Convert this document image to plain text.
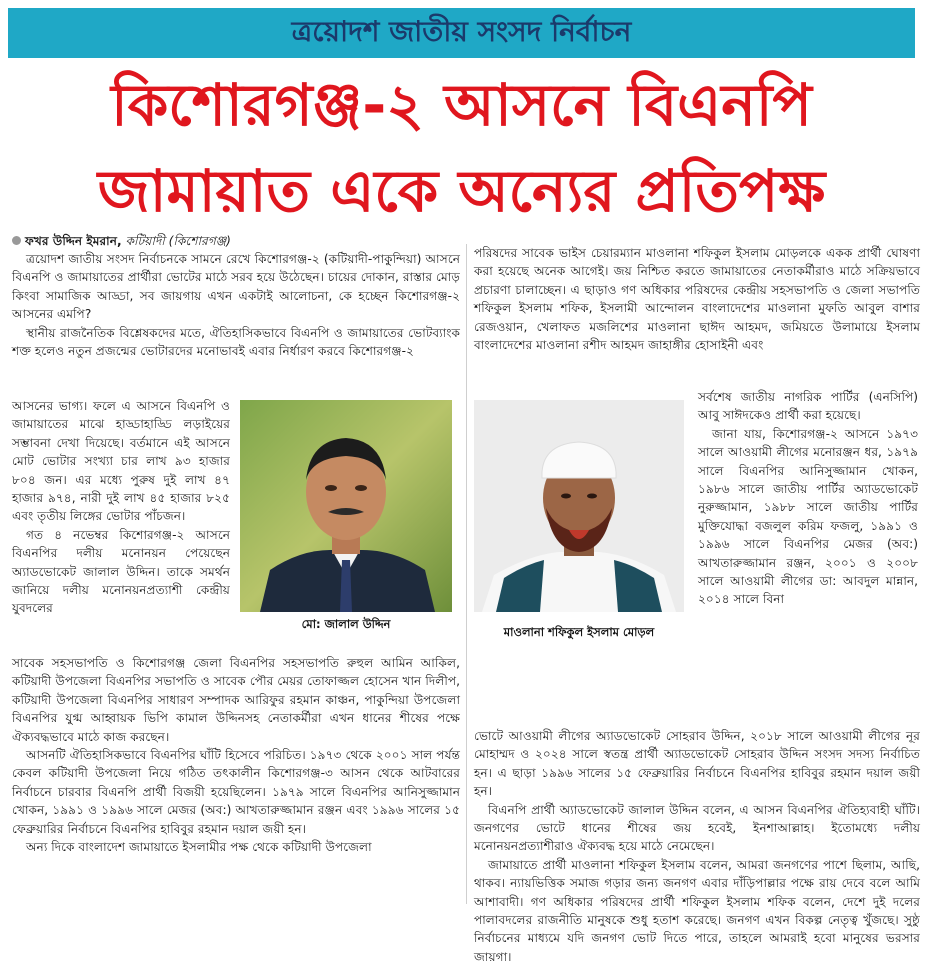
ত্রয়োদশ জাতীয় সংসদ নির্বাচন
কিশোরগঞ্জ-২ আসনে বিএনপি
জামায়াত একে অন্যের প্রতিপক্ষ
ফখর উদ্দিন ইমরান, কটিয়াদী (কিশোরগঞ্জ)

ত্রয়োদশ জাতীয় সংসদ নির্বাচনকে সামনে রেখে কিশোরগঞ্জ-২ (কটিয়াদী-পাকুন্দিয়া) আসনে বিএনপি ও জামায়াতের প্রার্থীরা ভোটের মাঠে সরব হয়ে উঠেছেন। চায়ের দোকান, রাস্তার মোড় কিংবা সামাজিক আড্ডা, সব জায়গায় এখন একটাই আলোচনা, কে হচ্ছেন কিশোরগঞ্জ-২ আসনের এমপি?

স্থানীয় রাজনৈতিক বিশ্লেষকদের মতে, ঐতিহাসিকভাবে বিএনপি ও জামায়াতের ভোটব্যাংক শক্ত হলেও নতুন প্রজন্মের ভোটারদের মনোভাবই এবার নির্ধারণ করবে কিশোরগঞ্জ-২

আসনের ভাগ্য। ফলে এ আসনে বিএনপি ও জামায়াতের মাঝে হাড্ডাহাড্ডি লড়াইয়ের সম্ভাবনা দেখা দিয়েছে। বর্তমানে এই আসনে মোট ভোটার সংখ্যা চার লাখ ৯৩ হাজার ৮০৪ জন। এর মধ্যে পুরুষ দুই লাখ ৪৭ হাজার ৯৭৪, নারী দুই লাখ ৪৫ হাজার ৮২৫ এবং তৃতীয় লিঙ্গের ভোটার পাঁচজন।

গত ৪ নভেম্বর কিশোরগঞ্জ-২ আসনে বিএনপির দলীয় মনোনয়ন পেয়েছেন অ্যাডভোকেট জালাল উদ্দিন। তাকে সমর্থন জানিয়ে দলীয় মনোনয়নপ্রত্যাশী কেন্দ্রীয় যুবদলের

মো: জালাল উদ্দিন

সাবেক সহসভাপতি ও কিশোরগঞ্জ জেলা বিএনপির সহসভাপতি রুহুল আমিন আকিল, কটিয়াদী উপজেলা বিএনপির সভাপতি ও সাবেক পৌর মেয়র তোফাজ্জল হোসেন খান দিলীপ, কটিয়াদী উপজেলা বিএনপির সাধারণ সম্পাদক আরিফুর রহমান কাঞ্চন, পাকুন্দিয়া উপজেলা বিএনপির যুগ্ম আহ্বায়ক ভিপি কামাল উদ্দিনসহ নেতাকর্মীরা এখন ধানের শীষের পক্ষে ঐক্যবদ্ধভাবে মাঠে কাজ করছেন।

আসনটি ঐতিহাসিকভাবে বিএনপির ঘাঁটি হিসেবে পরিচিত। ১৯৭৩ থেকে ২০০১ সাল পর্যন্ত কেবল কটিয়াদী উপজেলা নিয়ে গঠিত তৎকালীন কিশোরগঞ্জ-৩ আসন থেকে আটবারের নির্বাচনে চারবার বিএনপি প্রার্থী বিজয়ী হয়েছিলেন। ১৯৭৯ সালে বিএনপির আনিসুজ্জামান খোকন, ১৯৯১ ও ১৯৯৬ সালে মেজর (অব:) আখতারুজ্জামান রঞ্জন এবং ১৯৯৬ সালের ১৫ ফেব্রুয়ারির নির্বাচনে বিএনপির হাবিবুর রহমান দয়াল জয়ী হন।

অন্য দিকে বাংলাদেশ জামায়াতে ইসলামীর পক্ষ থেকে কটিয়াদী উপজেলা

পরিষদের সাবেক ভাইস চেয়ারম্যান মাওলানা শফিকুল ইসলাম মোড়লকে একক প্রার্থী ঘোষণা করা হয়েছে অনেক আগেই। জয় নিশ্চিত করতে জামায়াতের নেতাকর্মীরাও মাঠে সক্রিয়ভাবে প্রচারণা চালাচ্ছেন। এ ছাড়াও গণ অধিকার পরিষদের কেন্দ্রীয় সহসভাপতি ও জেলা সভাপতি শফিকুল ইসলাম শফিক, ইসলামী আন্দোলন বাংলাদেশের মাওলানা মুফতি আবুল বাশার রেজওয়ান, খেলাফত মজলিশের মাওলানা ছাঈদ আহমদ, জমিয়তে উলামায়ে ইসলাম বাংলাদেশের মাওলানা রশীদ আহমদ জাহাঙ্গীর হোসাইনী এবং

মাওলানা শফিকুল ইসলাম মোড়ল

সর্বশেষ জাতীয় নাগরিক পার্টির (এনসিপি) আবু সাঈদকেও প্রার্থী করা হয়েছে।

জানা যায়, কিশোরগঞ্জ-২ আসনে ১৯৭৩ সালে আওয়ামী লীগের মনোরঞ্জন ধর, ১৯৭৯ সালে বিএনপির আনিসুজ্জামান খোকন, ১৯৮৬ সালে জাতীয় পার্টির অ্যাডভোকেট নুরুজ্জামান, ১৯৮৮ সালে জাতীয় পার্টির মুক্তিযোদ্ধা বজলুল করিম ফজলু, ১৯৯১ ও ১৯৯৬ সালে বিএনপির মেজর (অব:) আখতারুজ্জামান রঞ্জন, ২০০১ ও ২০০৮ সালে আওয়ামী লীগের ডা: আবদুল মান্নান, ২০১৪ সালে বিনা

ভোটে আওয়ামী লীগের অ্যাডভোকেট সোহরাব উদ্দিন, ২০১৮ সালে আওয়ামী লীগের নূর মোহাম্মদ ও ২০২৪ সালে স্বতন্ত্র প্রার্থী অ্যাডভোকেট সোহরাব উদ্দিন সংসদ সদস্য নির্বাচিত হন। এ ছাড়া ১৯৯৬ সালের ১৫ ফেব্রুয়ারির নির্বাচনে বিএনপির হাবিবুর রহমান দয়াল জয়ী হন।

বিএনপি প্রার্থী অ্যাডভোকেট জালাল উদ্দিন বলেন, এ আসন বিএনপির ঐতিহ্যবাহী ঘাঁটি। জনগণের ভোটে ধানের শীষের জয় হবেই, ইনশাআল্লাহ। ইতোমধ্যে দলীয় মনোনয়নপ্রত্যাশীরাও ঐক্যবদ্ধ হয়ে মাঠে নেমেছেন।

জামায়াতে প্রার্থী মাওলানা শফিকুল ইসলাম বলেন, আমরা জনগণের পাশে ছিলাম, আছি, থাকব। ন্যায়ভিত্তিক সমাজ গড়ার জন্য জনগণ এবার দাঁড়িপাল্লার পক্ষে রায় দেবে বলে আমি আশাবাদী। গণ অধিকার পরিষদের প্রার্থী শফিকুল ইসলাম শফিক বলেন, দেশে দুই দলের পালাবদলের রাজনীতি মানুষকে শুধু হতাশ করেছে। জনগণ এখন বিকল্প নেতৃত্ব খুঁজছে। সুষ্ঠু নির্বাচনের মাধ্যমে যদি জনগণ ভোট দিতে পারে, তাহলে আমরাই হবো মানুষের ভরসার জায়গা।
